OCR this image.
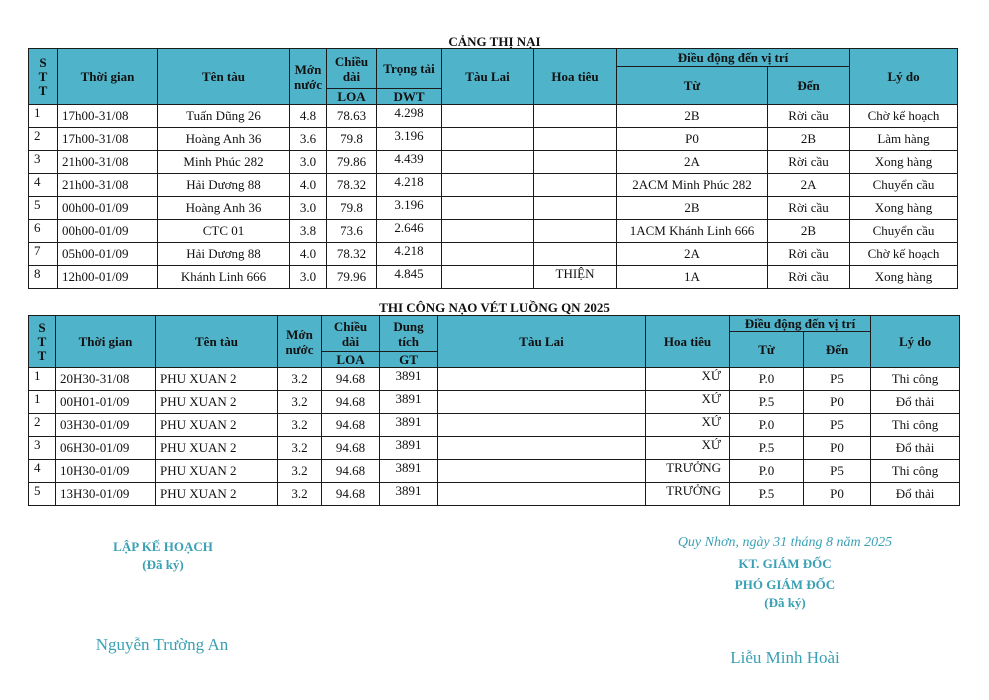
CẢNG THỊ NẠI
S
T
T	Thời gian	Tên tàu	Mớn
nước	Chiều
dài	Trọng tải	Tàu Lai	Hoa tiêu	Điều động đến vị trí		Lý do
								Từ	Đến	
				LOA	DWT					
1	17h00-31/08	Tuấn Dũng 26	4.8	78.63	4.298			2B	Rời cầu	Chờ kế hoạch
2	17h00-31/08	Hoàng Anh 36	3.6	79.8	3.196			P0	2B	Làm hàng
3	21h00-31/08	Minh Phúc 282	3.0	79.86	4.439			2A	Rời cầu	Xong hàng
4	21h00-31/08	Hải Dương 88	4.0	78.32	4.218			2ACM Minh Phúc 282	2A	Chuyển cầu
5	00h00-01/09	Hoàng Anh 36	3.0	79.8	3.196			2B	Rời cầu	Xong hàng
6	00h00-01/09	CTC 01	3.8	73.6	2.646			1ACM Khánh Linh 666	2B	Chuyển cầu
7	05h00-01/09	Hải Dương 88	4.0	78.32	4.218			2A	Rời cầu	Chờ kế hoạch
8	12h00-01/09	Khánh Linh 666	3.0	79.96	4.845		THIỆN	1A	Rời cầu	Xong hàng
THI CÔNG NẠO VÉT LUỒNG QN 2025
S
T
T	Thời gian	Tên tàu	Mớn
nước	Chiều
dài	Dung
tích	Tàu Lai	Hoa tiêu	Điều động đến vị trí		Lý do
								Từ	Đến	
				LOA	GT					
1	20H30-31/08	PHU XUAN 2	3.2	94.68	3891		XỨ	P.0	P5	Thi công
1	00H01-01/09	PHU XUAN 2	3.2	94.68	3891		XỨ	P.5	P0	Đổ thải
2	03H30-01/09	PHU XUAN 2	3.2	94.68	3891		XỨ	P.0	P5	Thi công
3	06H30-01/09	PHU XUAN 2	3.2	94.68	3891		XỨ	P.5	P0	Đổ thải
4	10H30-01/09	PHU XUAN 2	3.2	94.68	3891		TRƯỞNG	P.0	P5	Thi công
5	13H30-01/09	PHU XUAN 2	3.2	94.68	3891		TRƯỞNG	P.5	P0	Đổ thải
LẬP KẾ HOẠCH
(Đã ký)
Nguyễn Trường An
Quy Nhơn, ngày 31 tháng 8 năm 2025
KT. GIÁM ĐỐC
PHÓ GIÁM ĐỐC
(Đã ký)
Liễu Minh Hoài
